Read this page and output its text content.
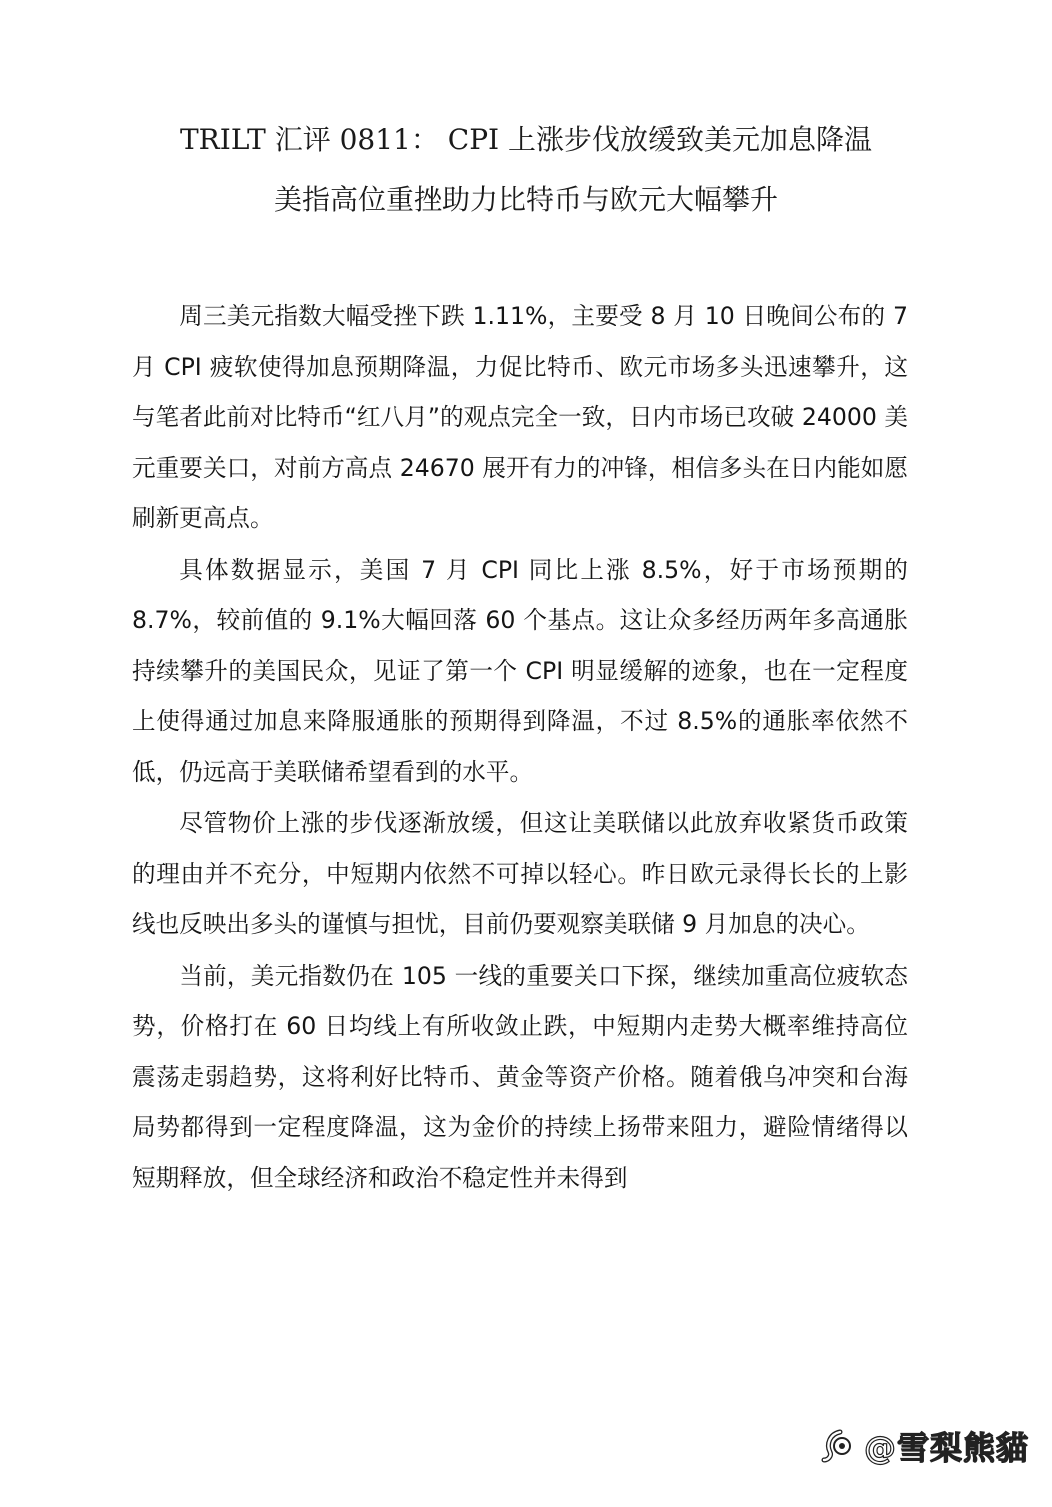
TRILT 汇评 0811： CPI 上涨步伐放缓致美元加息降温
美指高位重挫助力比特币与欧元大幅攀升

周三美元指数大幅受挫下跌 1.11%，主要受 8 月 10 日晚间公布的 7 月 CPI 疲软使得加息预期降温，力促比特币、欧元市场多头迅速攀升，这与笔者此前对比特币“红八月”的观点完全一致，日内市场已攻破 24000 美元重要关口，对前方高点 24670 展开有力的冲锋，相信多头在日内能如愿刷新更高点。

具体数据显示，美国 7 月 CPI 同比上涨 8.5%，好于市场预期的 8.7%，较前值的 9.1%大幅回落 60 个基点。这让众多经历两年多高通胀持续攀升的美国民众，见证了第一个 CPI 明显缓解的迹象，也在一定程度上使得通过加息来降服通胀的预期得到降温，不过 8.5%的通胀率依然不低，仍远高于美联储希望看到的水平。

尽管物价上涨的步伐逐渐放缓，但这让美联储以此放弃收紧货币政策的理由并不充分，中短期内依然不可掉以轻心。昨日欧元录得长长的上影线也反映出多头的谨慎与担忧，目前仍要观察美联储 9 月加息的决心。

当前，美元指数仍在 105 一线的重要关口下探，继续加重高位疲软态势，价格打在 60 日均线上有所收敛止跌，中短期内走势大概率维持高位震荡走弱趋势，这将利好比特币、黄金等资产价格。随着俄乌冲突和台海局势都得到一定程度降温，这为金价的持续上扬带来阻力，避险情绪得以短期释放，但全球经济和政治不稳定性并未得到

@雪梨熊貓
